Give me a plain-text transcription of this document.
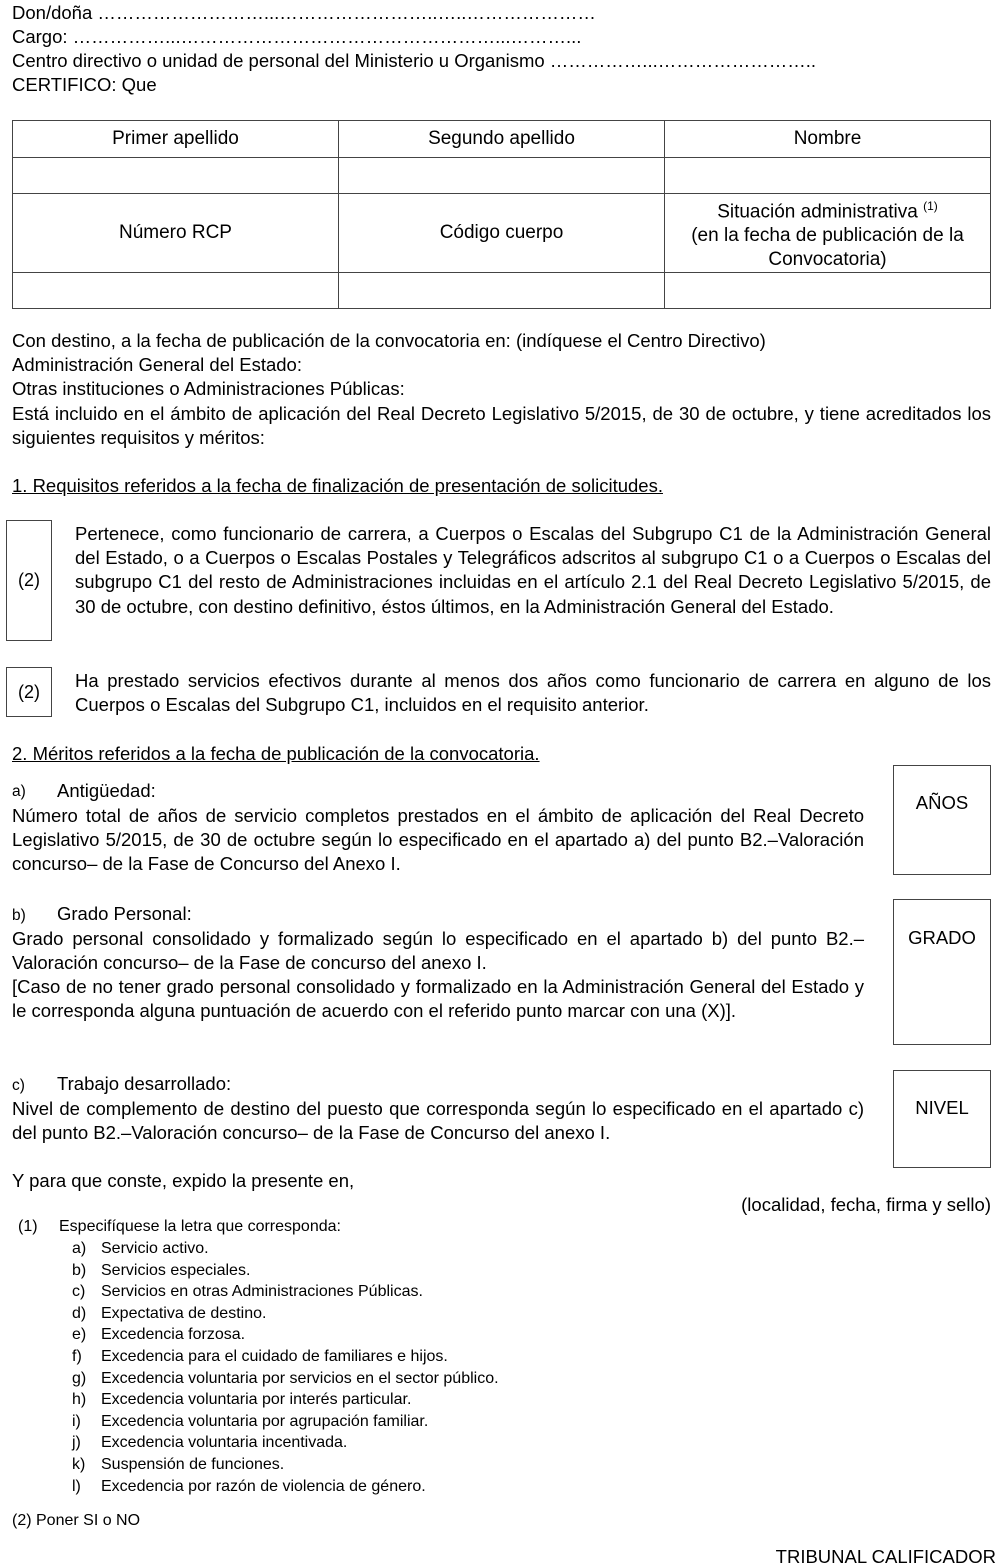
Don/doña ………………………...……………………..…..…………………
Cargo: ……………...……………………………………………...………...
Centro directivo o unidad de personal del Ministerio u Organismo ……………...……………………..
CERTIFICO: Que
Primer apellido	Segundo apellido	Nombre

Número RCP	Código cuerpo	Situación administrativa $^{(1)}$
(en la fecha de publicación de la
Convocatoria)

Con destino, a la fecha de publicación de la convocatoria en: (indíquese el Centro Directivo)
Administración General del Estado:
Otras instituciones o Administraciones Públicas:
Está incluido en el ámbito de aplicación del Real Decreto Legislativo 5/2015, de 30 de octubre, y tiene acreditados los siguientes requisitos y méritos:
1. Requisitos referidos a la fecha de finalización de presentación de solicitudes.
(2)
Pertenece, como funcionario de carrera, a Cuerpos o Escalas del Subgrupo C1 de la Administración General del Estado, o a Cuerpos o Escalas Postales y Telegráficos adscritos al subgrupo C1 o a Cuerpos o Escalas del subgrupo C1 del resto de Administraciones incluidas en el artículo 2.1 del Real Decreto Legislativo 5/2015, de 30 de octubre, con destino definitivo, éstos últimos, en la Administración General del Estado.
(2)
Ha prestado servicios efectivos durante al menos dos años como funcionario de carrera en alguno de los Cuerpos o Escalas del Subgrupo C1, incluidos en el requisito anterior.
2. Méritos referidos a la fecha de publicación de la convocatoria.
a) Antigüedad:
Número total de años de servicio completos prestados en el ámbito de aplicación del Real Decreto Legislativo 5/2015, de 30 de octubre según lo especificado en el apartado a) del punto B2.–Valoración concurso– de la Fase de Concurso del Anexo I.
AÑOS
b) Grado Personal:
Grado personal consolidado y formalizado según lo especificado en el apartado b) del punto B2.–Valoración concurso– de la Fase de concurso del anexo I.
[Caso de no tener grado personal consolidado y formalizado en la Administración General del Estado y le corresponda alguna puntuación de acuerdo con el referido punto marcar con una (X)].
GRADO
c) Trabajo desarrollado:
Nivel de complemento de destino del puesto que corresponda según lo especificado en el apartado c) del punto B2.–Valoración concurso– de la Fase de Concurso del anexo I.
NIVEL
Y para que conste, expido la presente en,
(localidad, fecha, firma y sello)
(1) Especifíquese la letra que corresponda:
a) Servicio activo.
b) Servicios especiales.
c) Servicios en otras Administraciones Públicas.
d) Expectativa de destino.
e) Excedencia forzosa.
f) Excedencia para el cuidado de familiares e hijos.
g) Excedencia voluntaria por servicios en el sector público.
h) Excedencia voluntaria por interés particular.
i) Excedencia voluntaria por agrupación familiar.
j) Excedencia voluntaria incentivada.
k) Suspensión de funciones.
l) Excedencia por razón de violencia de género.
(2) Poner SI o NO
TRIBUNAL CALIFICADOR
